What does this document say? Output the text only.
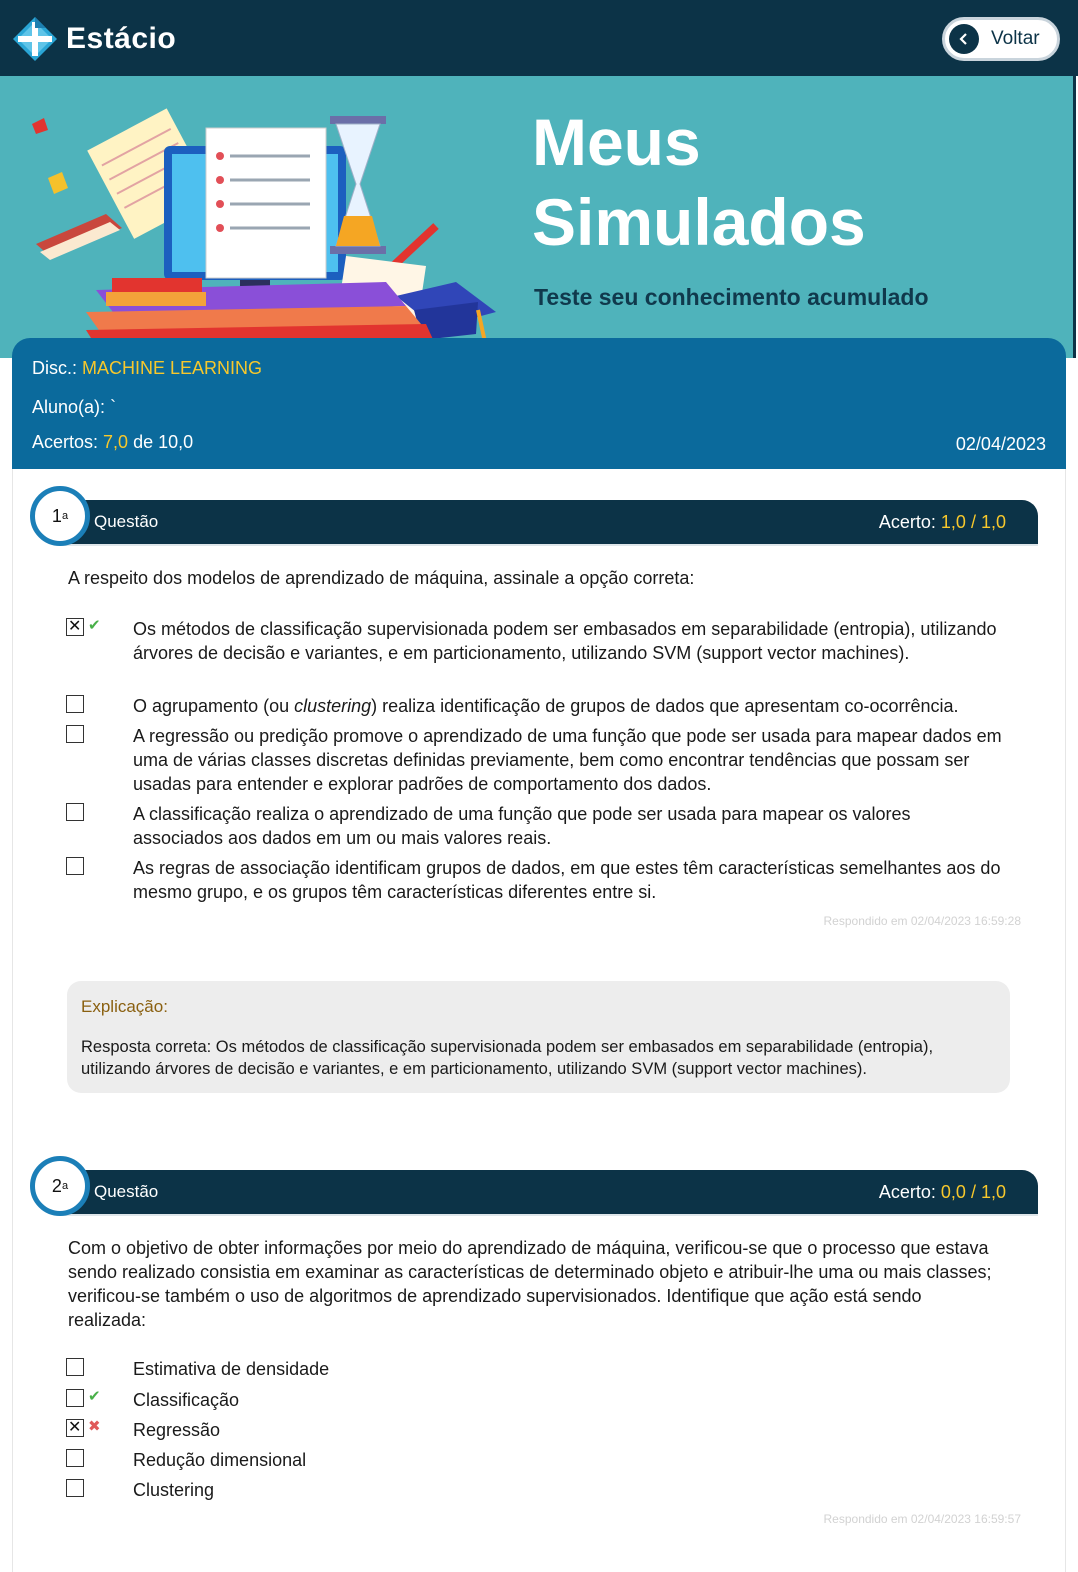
Estácio	Voltar
Meus
Simulados
Teste seu conhecimento acumulado
Disc.: MACHINE LEARNING
Aluno(a): `
Acertos: 7,0 de 10,0	02/04/2023
1 a Questão	Acerto: 1,0 / 1,0
A respeito dos modelos de aprendizado de máquina, assinale a opção correta:
✕
✔	Os métodos de classificação supervisionada podem ser embasados em separabilidade (entropia), utilizando árvores de decisão e variantes, e em particionamento, utilizando SVM (support vector machines).
O agrupamento (ou clustering) realiza identificação de grupos de dados que apresentam co-ocorrência.
A regressão ou predição promove o aprendizado de uma função que pode ser usada para mapear dados em uma de várias classes discretas definidas previamente, bem como encontrar tendências que possam ser usadas para entender e explorar padrões de comportamento dos dados.
A classificação realiza o aprendizado de uma função que pode ser usada para mapear os valores associados aos dados em um ou mais valores reais.
As regras de associação identificam grupos de dados, em que estes têm características semelhantes aos do mesmo grupo, e os grupos têm características diferentes entre si.
Respondido em 02/04/2023 16:59:28
Explicação:
Resposta correta: Os métodos de classificação supervisionada podem ser embasados em separabilidade (entropia), utilizando árvores de decisão e variantes, e em particionamento, utilizando SVM (support vector machines).
2 a Questão	Acerto: 0,0 / 1,0
Com o objetivo de obter informações por meio do aprendizado de máquina, verificou-se que o processo que estava sendo realizado consistia em examinar as características de determinado objeto e atribuir-lhe uma ou mais classes; verificou-se também o uso de algoritmos de aprendizado supervisionados. Identifique que ação está sendo realizada:
Estimativa de densidade
✔	Classificação
✕
✖	Regressão
Redução dimensional
Clustering
Respondido em 02/04/2023 16:59:57
